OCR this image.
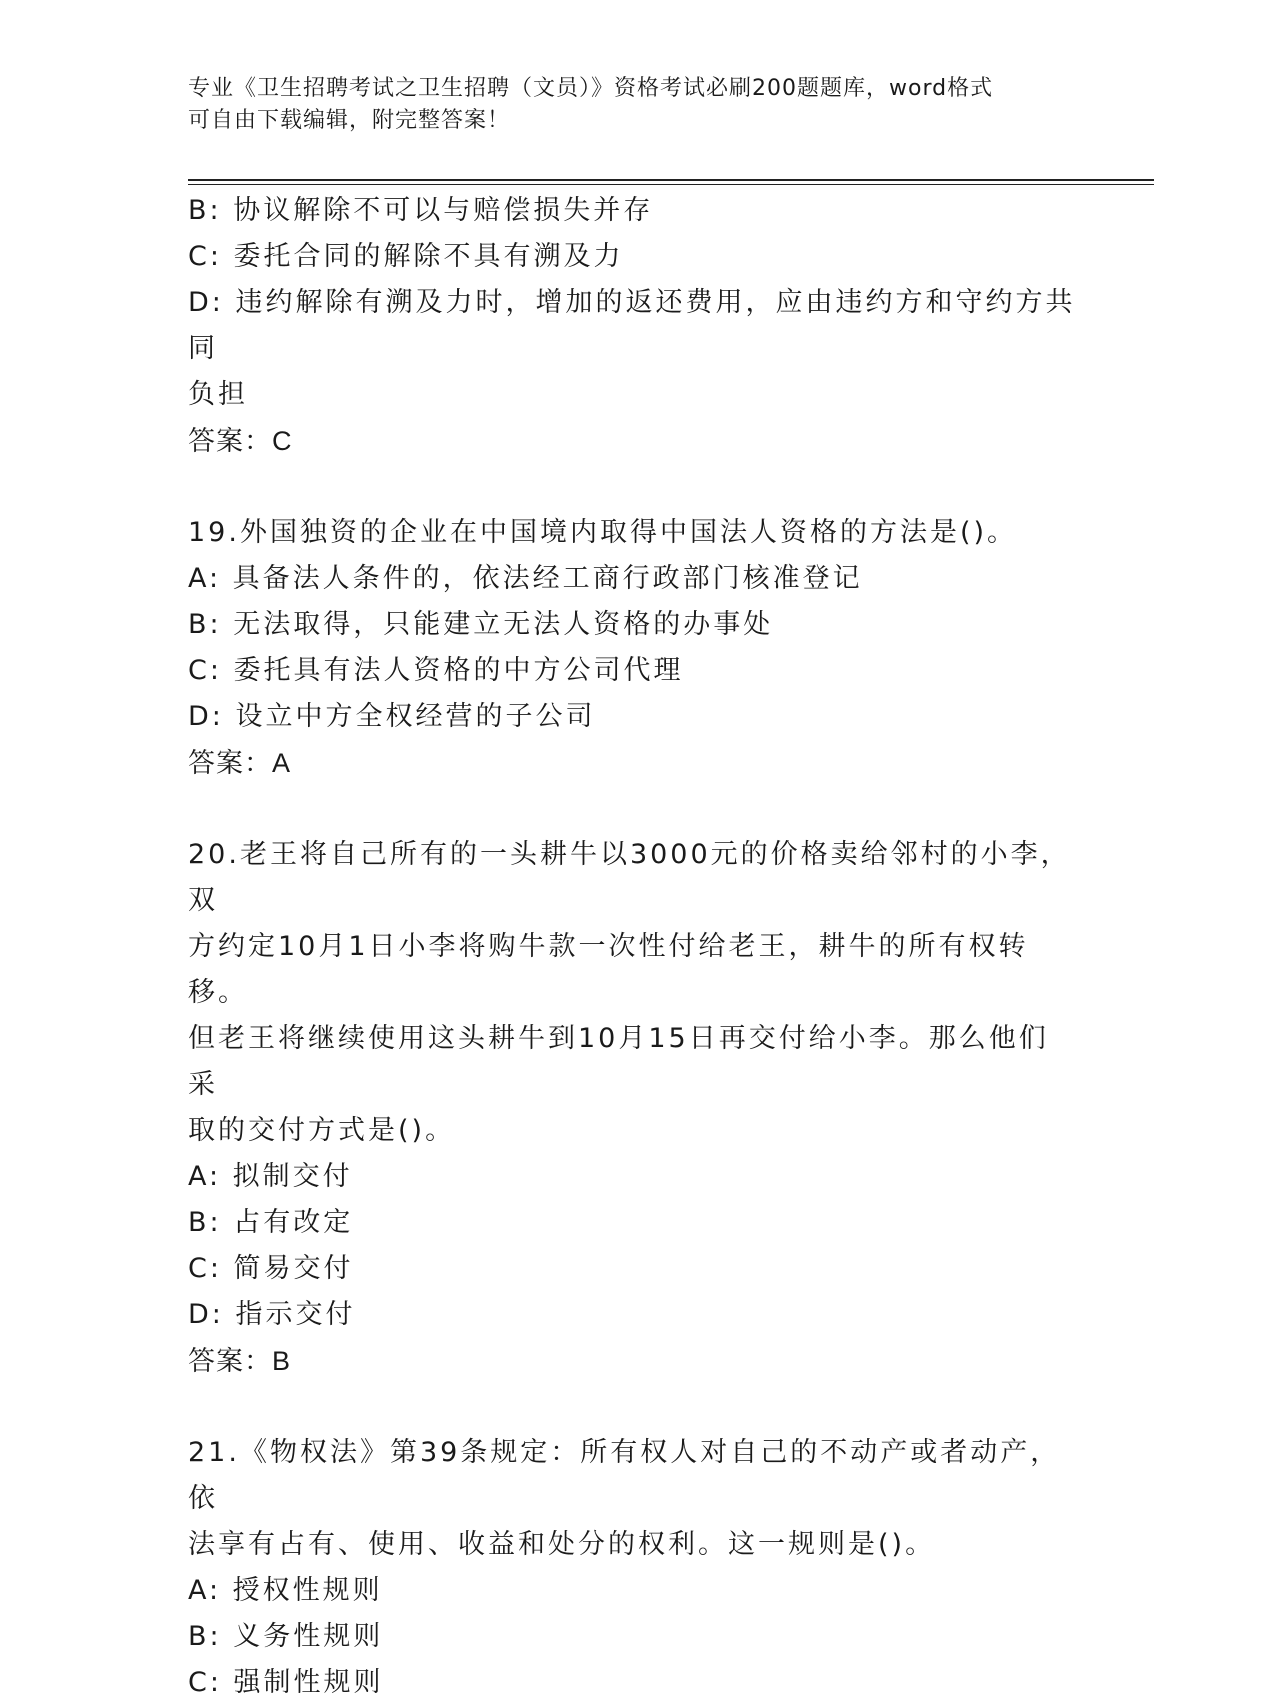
专业《卫生招聘考试之卫生招聘（文员）》资格考试必刷200题题库，word格式
可自由下载编辑，附完整答案！
B: 协议解除不可以与赔偿损失并存
C: 委托合同的解除不具有溯及力
D: 违约解除有溯及力时，增加的返还费用，应由违约方和守约方共同
负担
答案：C
19.外国独资的企业在中国境内取得中国法人资格的方法是()。
A: 具备法人条件的，依法经工商行政部门核准登记
B: 无法取得，只能建立无法人资格的办事处
C: 委托具有法人资格的中方公司代理
D: 设立中方全权经营的子公司
答案：A
20.老王将自己所有的一头耕牛以3000元的价格卖给邻村的小李，双
方约定10月1日小李将购牛款一次性付给老王，耕牛的所有权转移。
但老王将继续使用这头耕牛到10月15日再交付给小李。那么他们采
取的交付方式是()。
A: 拟制交付
B: 占有改定
C: 简易交付
D: 指示交付
答案：B
21.《物权法》第39条规定：所有权人对自己的不动产或者动产，依
法享有占有、使用、收益和处分的权利。这一规则是()。
A: 授权性规则
B: 义务性规则
C: 强制性规则
